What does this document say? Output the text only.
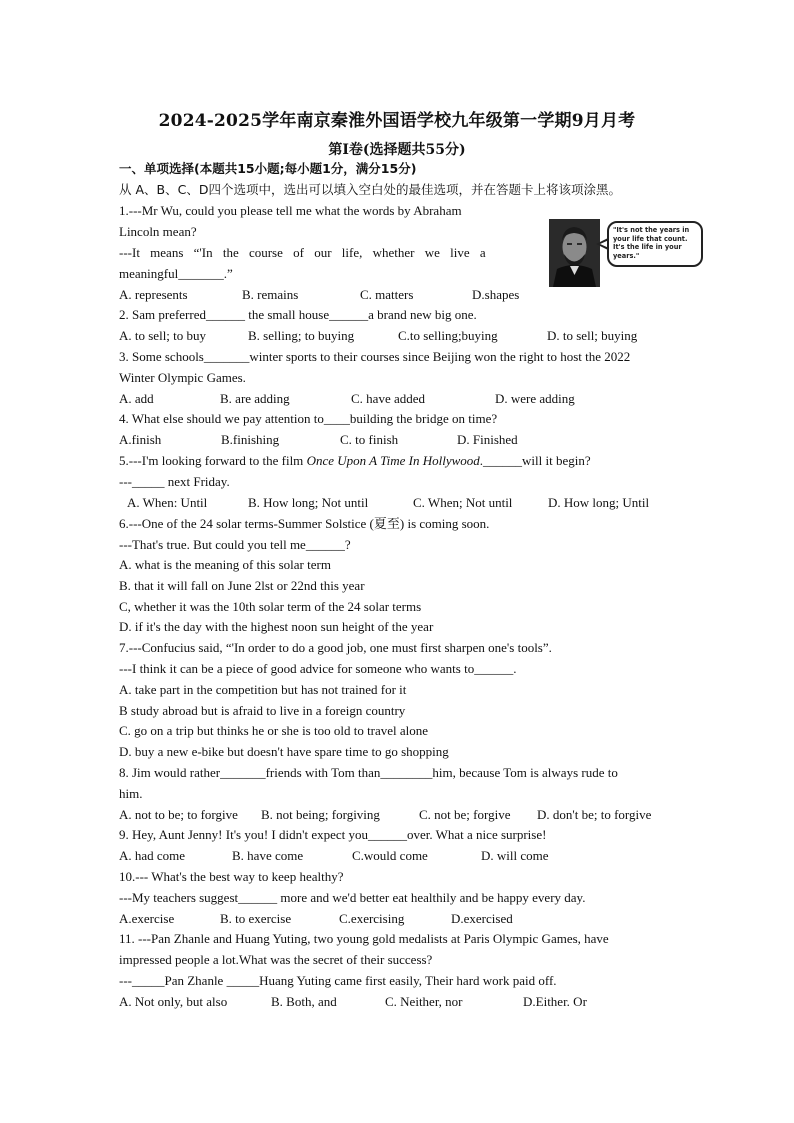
2024-2025学年南京秦淮外国语学校九年级第一学期9月月考
第Ⅰ卷(选择题共55分)
一、单项选择(本题共15小题;每小题1分，满分15分)
从 A、B、C、D四个选项中，选出可以填入空白处的最佳选项，并在答题卡上将该项涂黑。
1.---Mr Wu, could you please tell me what the words by Abraham
Lincoln mean?
---It means “'In the course of our life, whether we live a
meaningful_______.”
A. represents	B. remains	C. matters	D.shapes
"It's not the years in your life that count. It's the life in your years."
2. Sam preferred______ the small house______a brand new big one.
A. to sell; to buy	B. selling; to buying	C.to selling;buying	D. to sell; buying
3. Some schools_______winter sports to their courses since Beijing won the right to host the 2022
Winter Olympic Games.
A. add	B. are adding	C. have added	D. were adding
4. What else should we pay attention to____building the bridge on time?
A.finish	B.finishing	C. to finish	D. Finished
5.---I'm looking forward to the film Once Upon A Time In Hollywood.______will it begin?
---_____ next Friday.
A. When: Until	B. How long; Not until	C. When; Not until	D. How long; Until
6.---One of the 24 solar terms-Summer Solstice (夏至) is coming soon.
---That's true. But could you tell me______?
A. what is the meaning of this solar term
B. that it will fall on June 2lst or 22nd this year
C, whether it was the 10th solar term of the 24 solar terms
D. if it's the day with the highest noon sun height of the year
7.---Confucius said, “'In order to do a good job, one must first sharpen one's tools”.
---I think it can be a piece of good advice for someone who wants to______.
A. take part in the competition but has not trained for it
B study abroad but is afraid to live in a foreign country
C. go on a trip but thinks he or she is too old to travel alone
D. buy a new e-bike but doesn't have spare time to go shopping
8. Jim would rather_______friends with Tom than________him, because Tom is always rude to
him.
A. not to be; to forgive B. not being; forgiving	C. not be; forgive D. don't be; to forgive
9. Hey, Aunt Jenny! It's you! I didn't expect you______over. What a nice surprise!
A. had come	B. have come	C.would come	D. will come
10.--- What's the best way to keep healthy?
---My teachers suggest______ more and we'd better eat healthily and be happy every day.
A.exercise	B. to exercise	C.exercising	D.exercised
11. ---Pan Zhanle and Huang Yuting, two young gold medalists at Paris Olympic Games, have
impressed people a lot.What was the secret of their success?
---_____Pan Zhanle _____Huang Yuting came first easily, Their hard work paid off.
A. Not only, but also	B. Both, and	C. Neither, nor	D.Either. Or
